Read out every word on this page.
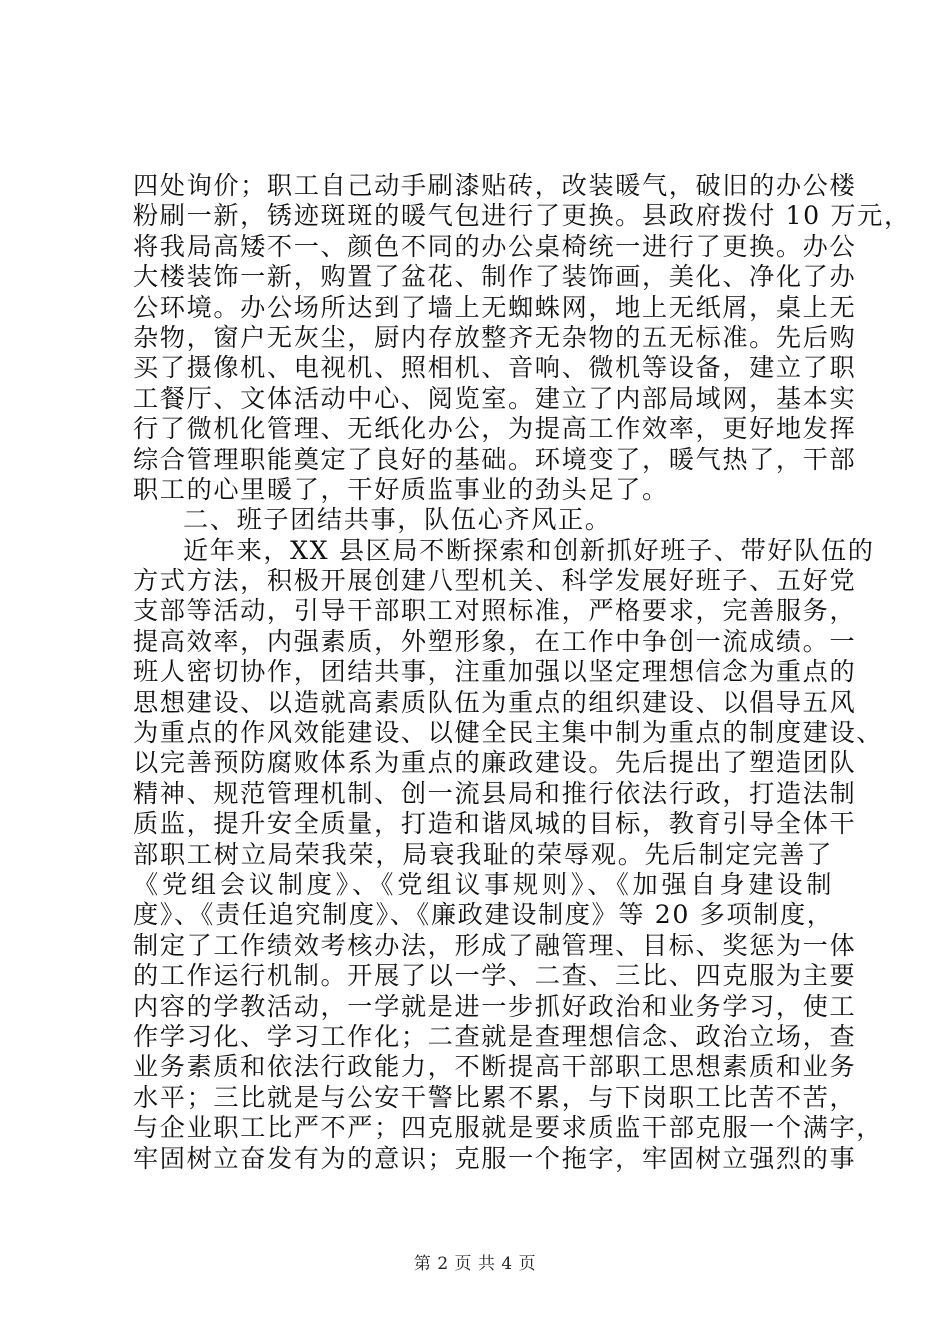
四处询价；职工自己动手刷漆贴砖，改装暖气，破旧的办公楼
粉刷一新，锈迹斑斑的暖气包进行了更换。县政府拨付 10 万元，
将我局高矮不一、颜色不同的办公桌椅统一进行了更换。办公
大楼装饰一新，购置了盆花、制作了装饰画，美化、净化了办
公环境。办公场所达到了墙上无蜘蛛网，地上无纸屑，桌上无
杂物，窗户无灰尘，厨内存放整齐无杂物的五无标准。先后购
买了摄像机、电视机、照相机、音响、微机等设备，建立了职
工餐厅、文体活动中心、阅览室。建立了内部局域网，基本实
行了微机化管理、无纸化办公，为提高工作效率，更好地发挥
综合管理职能奠定了良好的基础。环境变了，暖气热了，干部
职工的心里暖了，干好质监事业的劲头足了。
二、班子团结共事，队伍心齐风正。
近年来，XX 县区局不断探索和创新抓好班子、带好队伍的
方式方法，积极开展创建八型机关、科学发展好班子、五好党
支部等活动，引导干部职工对照标准，严格要求，完善服务，
提高效率，内强素质，外塑形象，在工作中争创一流成绩。一
班人密切协作，团结共事，注重加强以坚定理想信念为重点的
思想建设、以造就高素质队伍为重点的组织建设、以倡导五风
为重点的作风效能建设、以健全民主集中制为重点的制度建设、
以完善预防腐败体系为重点的廉政建设。先后提出了塑造团队
精神、规范管理机制、创一流县局和推行依法行政，打造法制
质监，提升安全质量，打造和谐凤城的目标，教育引导全体干
部职工树立局荣我荣，局衰我耻的荣辱观。先后制定完善了
《党组会议制度》、《党组议事规则》、《加强自身建设制
度》、《责任追究制度》、《廉政建设制度》等 20 多项制度，
制定了工作绩效考核办法，形成了融管理、目标、奖惩为一体
的工作运行机制。开展了以一学、二查、三比、四克服为主要
内容的学教活动，一学就是进一步抓好政治和业务学习，使工
作学习化、学习工作化；二查就是查理想信念、政治立场，查
业务素质和依法行政能力，不断提高干部职工思想素质和业务
水平；三比就是与公安干警比累不累，与下岗职工比苦不苦，
与企业职工比严不严；四克服就是要求质监干部克服一个满字，
牢固树立奋发有为的意识；克服一个拖字，牢固树立强烈的事
第 2 页 共 4 页
